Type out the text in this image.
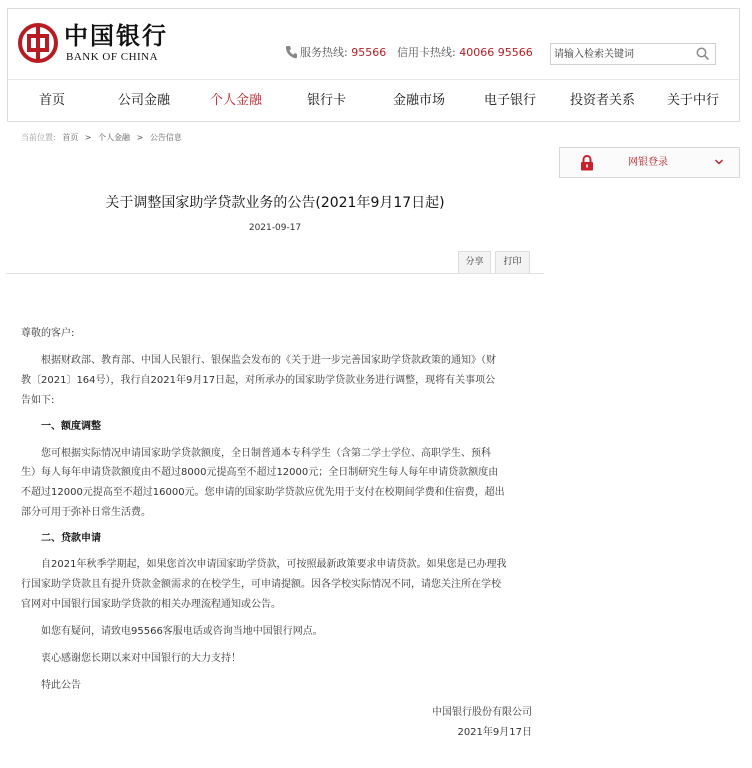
中国银行
BANK OF CHINA	服务热线: 95566 信用卡热线: 40066 95566
请输入检索关键词
首页	公司金融	个人金融	银行卡	金融市场	电子银行	投资者关系 关于中行
当前位置: 首页 > 个人金融 > 公告信息
网银登录
关于调整国家助学贷款业务的公告(2021年9月17日起)
2021-09-17
分享	打印
尊敬的客户:
根据财政部、教育部、中国人民银行、银保监会发布的《关于进一步完善国家助学贷款政策的通知》（财
教〔2021〕164号），我行自2021年9月17日起，对所承办的国家助学贷款业务进行调整，现将有关事项公
告如下:
一、额度调整
您可根据实际情况申请国家助学贷款额度，全日制普通本专科学生（含第二学士学位、高职学生、预科
生）每人每年申请贷款额度由不超过8000元提高至不超过12000元；全日制研究生每人每年申请贷款额度由
不超过12000元提高至不超过16000元。您申请的国家助学贷款应优先用于支付在校期间学费和住宿费，超出
部分可用于弥补日常生活费。
二、贷款申请
自2021年秋季学期起，如果您首次申请国家助学贷款，可按照最新政策要求申请贷款。如果您是已办理我
行国家助学贷款且有提升贷款金额需求的在校学生，可申请提额。因各学校实际情况不同，请您关注所在学校
官网对中国银行国家助学贷款的相关办理流程通知或公告。
如您有疑问，请致电95566客服电话或咨询当地中国银行网点。
衷心感谢您长期以来对中国银行的大力支持！
特此公告
中国银行股份有限公司
2021年9月17日
